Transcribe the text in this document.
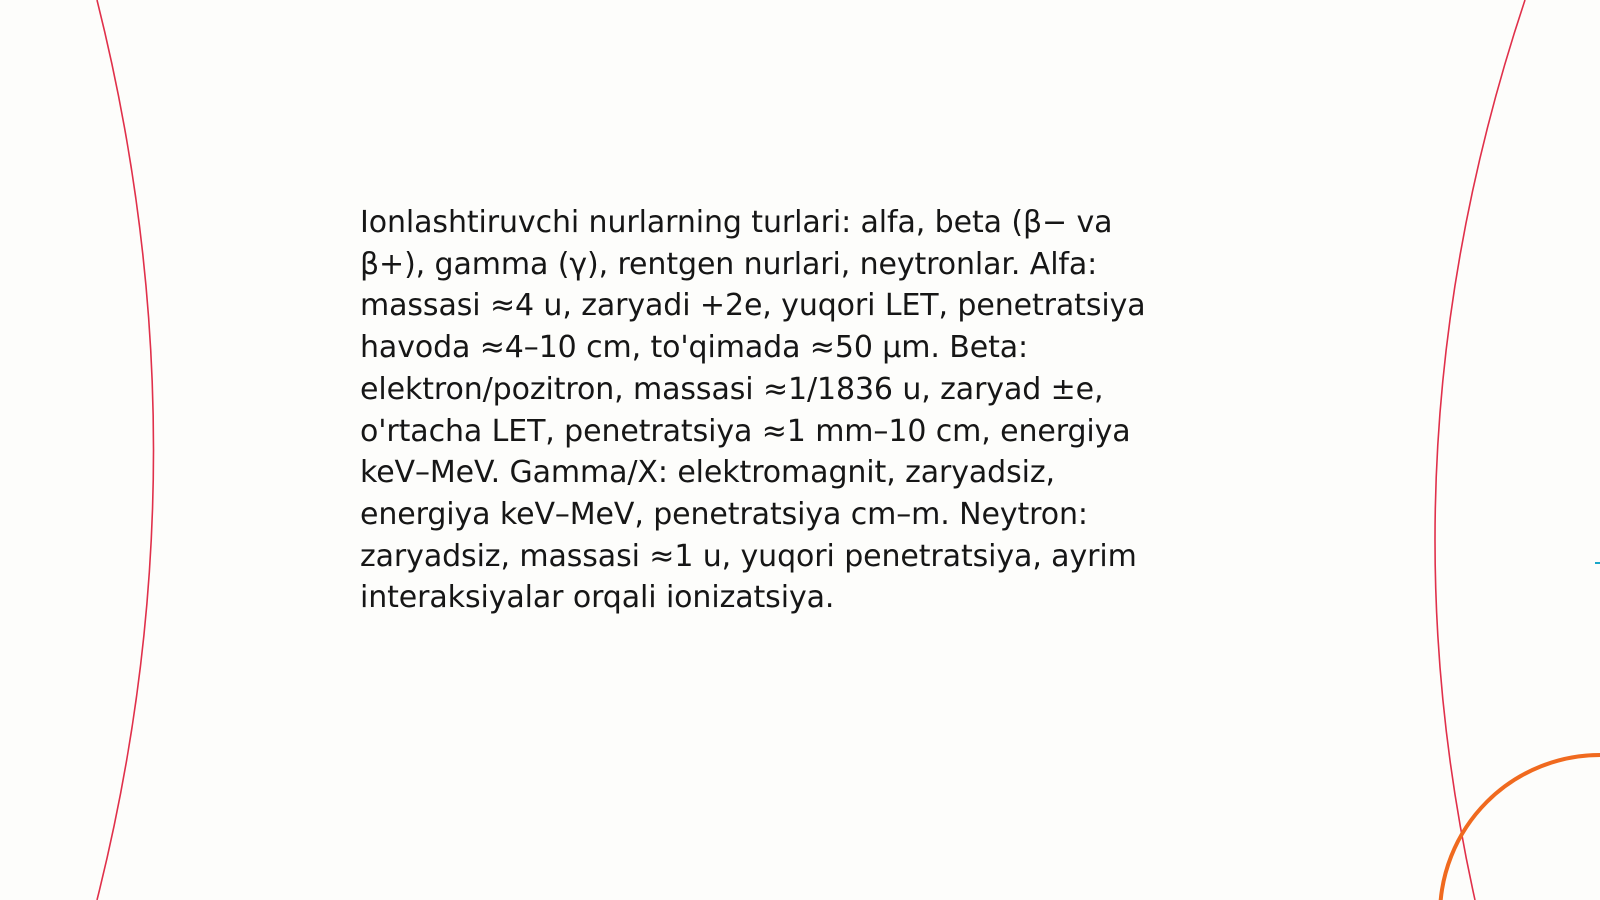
Ionlashtiruvchi nurlarning turlari: alfa, beta (β− va
β+), gamma (γ), rentgen nurlari, neytronlar. Alfa:
massasi ≈4 u, zaryadi +2e, yuqori LET, penetratsiya
havoda ≈4–10 cm, to'qimada ≈50 μm. Beta:
elektron/pozitron, massasi ≈1/1836 u, zaryad ±e,
o'rtacha LET, penetratsiya ≈1 mm–10 cm, energiya
keV–MeV. Gamma/X: elektromagnit, zaryadsiz,
energiya keV–MeV, penetratsiya cm–m. Neytron:
zaryadsiz, massasi ≈1 u, yuqori penetratsiya, ayrim
interaksiyalar orqali ionizatsiya.
